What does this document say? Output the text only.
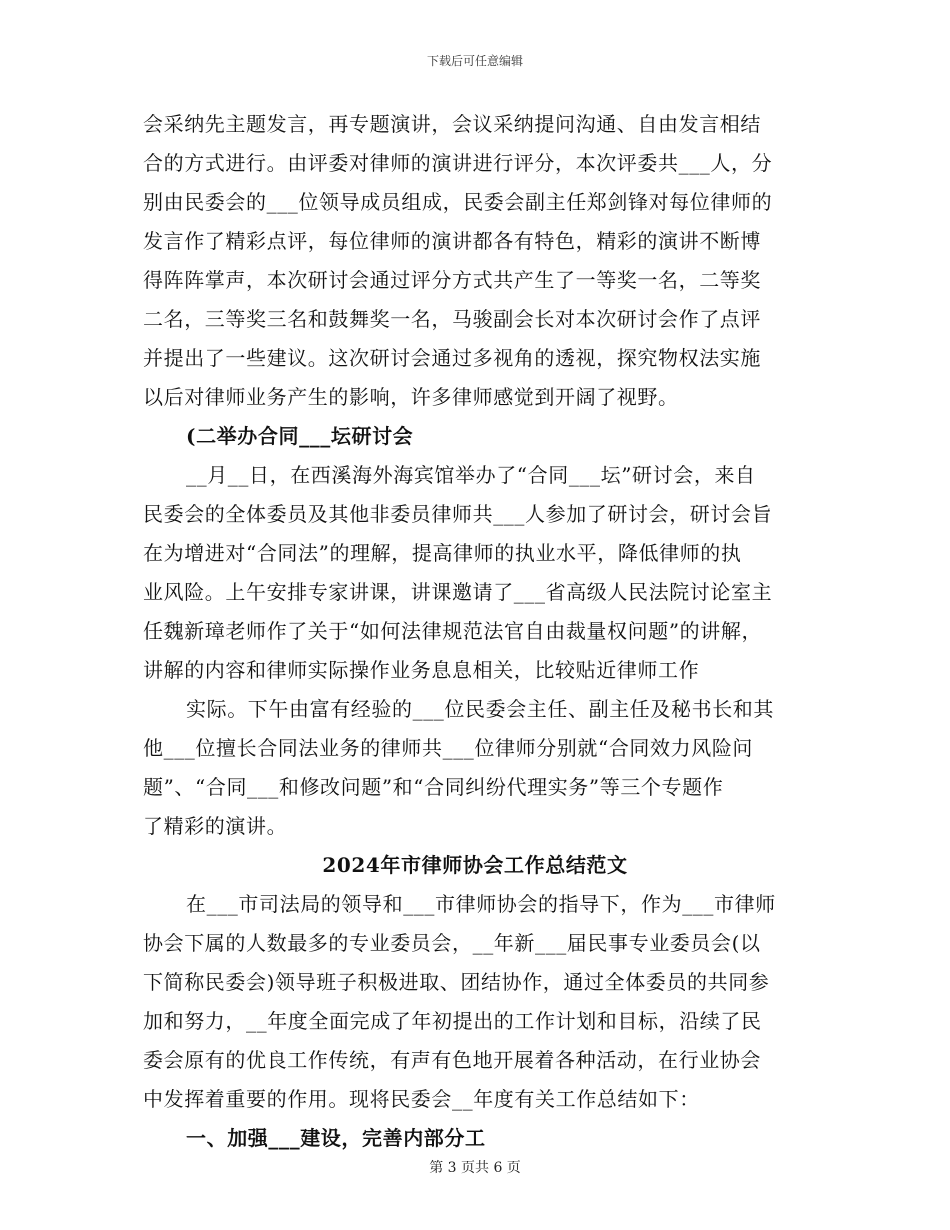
下载后可任意编辑
会采纳先主题发言，再专题演讲，会议采纳提问沟通、自由发言相结
合的方式进行。由评委对律师的演讲进行评分，本次评委共___人，分
别由民委会的___位领导成员组成，民委会副主任郑剑锋对每位律师的
发言作了精彩点评，每位律师的演讲都各有特色，精彩的演讲不断博
得阵阵掌声，本次研讨会通过评分方式共产生了一等奖一名，二等奖
二名，三等奖三名和鼓舞奖一名，马骏副会长对本次研讨会作了点评
并提出了一些建议。这次研讨会通过多视角的透视，探究物权法实施
以后对律师业务产生的影响，许多律师感觉到开阔了视野。
(二举办合同___坛研讨会
__月__日，在西溪海外海宾馆举办了“合同___坛”研讨会，来自
民委会的全体委员及其他非委员律师共___人参加了研讨会，研讨会旨
在为增进对“合同法”的理解，提高律师的执业水平，降低律师的执
业风险。上午安排专家讲课，讲课邀请了___省高级人民法院讨论室主
任魏新璋老师作了关于“如何法律规范法官自由裁量权问题”的讲解，
讲解的内容和律师实际操作业务息息相关，比较贴近律师工作
实际。下午由富有经验的___位民委会主任、副主任及秘书长和其
他___位擅长合同法业务的律师共___位律师分别就“合同效力风险问
题”、“合同___和修改问题”和“合同纠纷代理实务”等三个专题作
了精彩的演讲。
2024年市律师协会工作总结范文
在___市司法局的领导和___市律师协会的指导下，作为___市律师
协会下属的人数最多的专业委员会，__年新___届民事专业委员会(以
下简称民委会)领导班子积极进取、团结协作，通过全体委员的共同参
加和努力，__年度全面完成了年初提出的工作计划和目标，沿续了民
委会原有的优良工作传统，有声有色地开展着各种活动，在行业协会
中发挥着重要的作用。现将民委会__年度有关工作总结如下：
一、加强___建设，完善内部分工
第 3 页共 6 页
